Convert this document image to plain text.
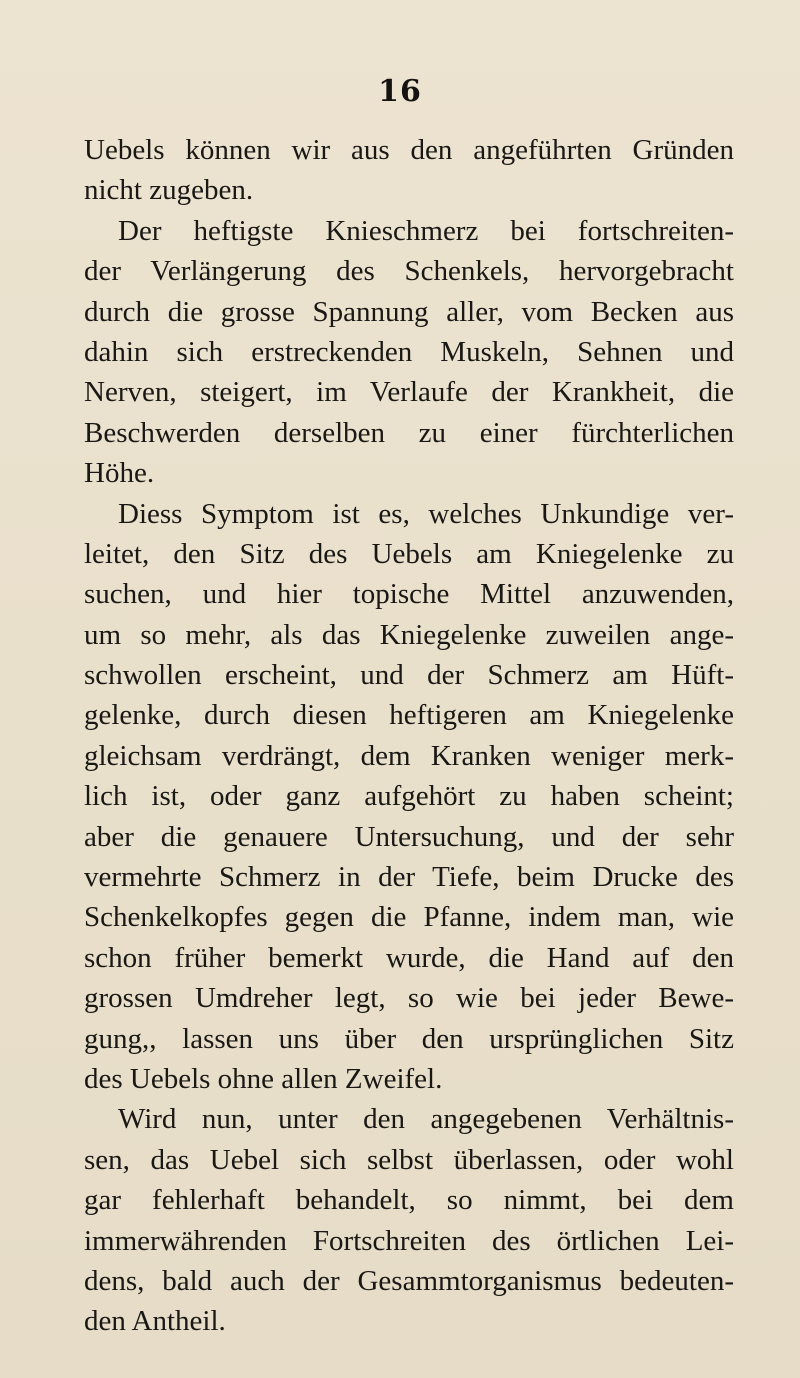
16
Uebels können wir aus den angeführten Gründen
nicht zugeben.
Der heftigste Knieschmerz bei fortschreiten-
der Verlängerung des Schenkels, hervorgebracht
durch die grosse Spannung aller, vom Becken aus
dahin sich erstreckenden Muskeln, Sehnen und
Nerven, steigert, im Verlaufe der Krankheit, die
Beschwerden derselben zu einer fürchterlichen
Höhe.
Diess Symptom ist es, welches Unkundige ver-
leitet, den Sitz des Uebels am Kniegelenke zu
suchen, und hier topische Mittel anzuwenden,
um so mehr, als das Kniegelenke zuweilen ange-
schwollen erscheint, und der Schmerz am Hüft-
gelenke, durch diesen heftigeren am Kniegelenke
gleichsam verdrängt, dem Kranken weniger merk-
lich ist, oder ganz aufgehört zu haben scheint;
aber die genauere Untersuchung, und der sehr
vermehrte Schmerz in der Tiefe, beim Drucke des
Schenkelkopfes gegen die Pfanne, indem man, wie
schon früher bemerkt wurde, die Hand auf den
grossen Umdreher legt, so wie bei jeder Bewe-
gung,, lassen uns über den ursprünglichen Sitz
des Uebels ohne allen Zweifel.
Wird nun, unter den angegebenen Verhältnis-
sen, das Uebel sich selbst überlassen, oder wohl
gar fehlerhaft behandelt, so nimmt, bei dem
immerwährenden Fortschreiten des örtlichen Lei-
dens, bald auch der Gesammtorganismus bedeuten-
den Antheil.
